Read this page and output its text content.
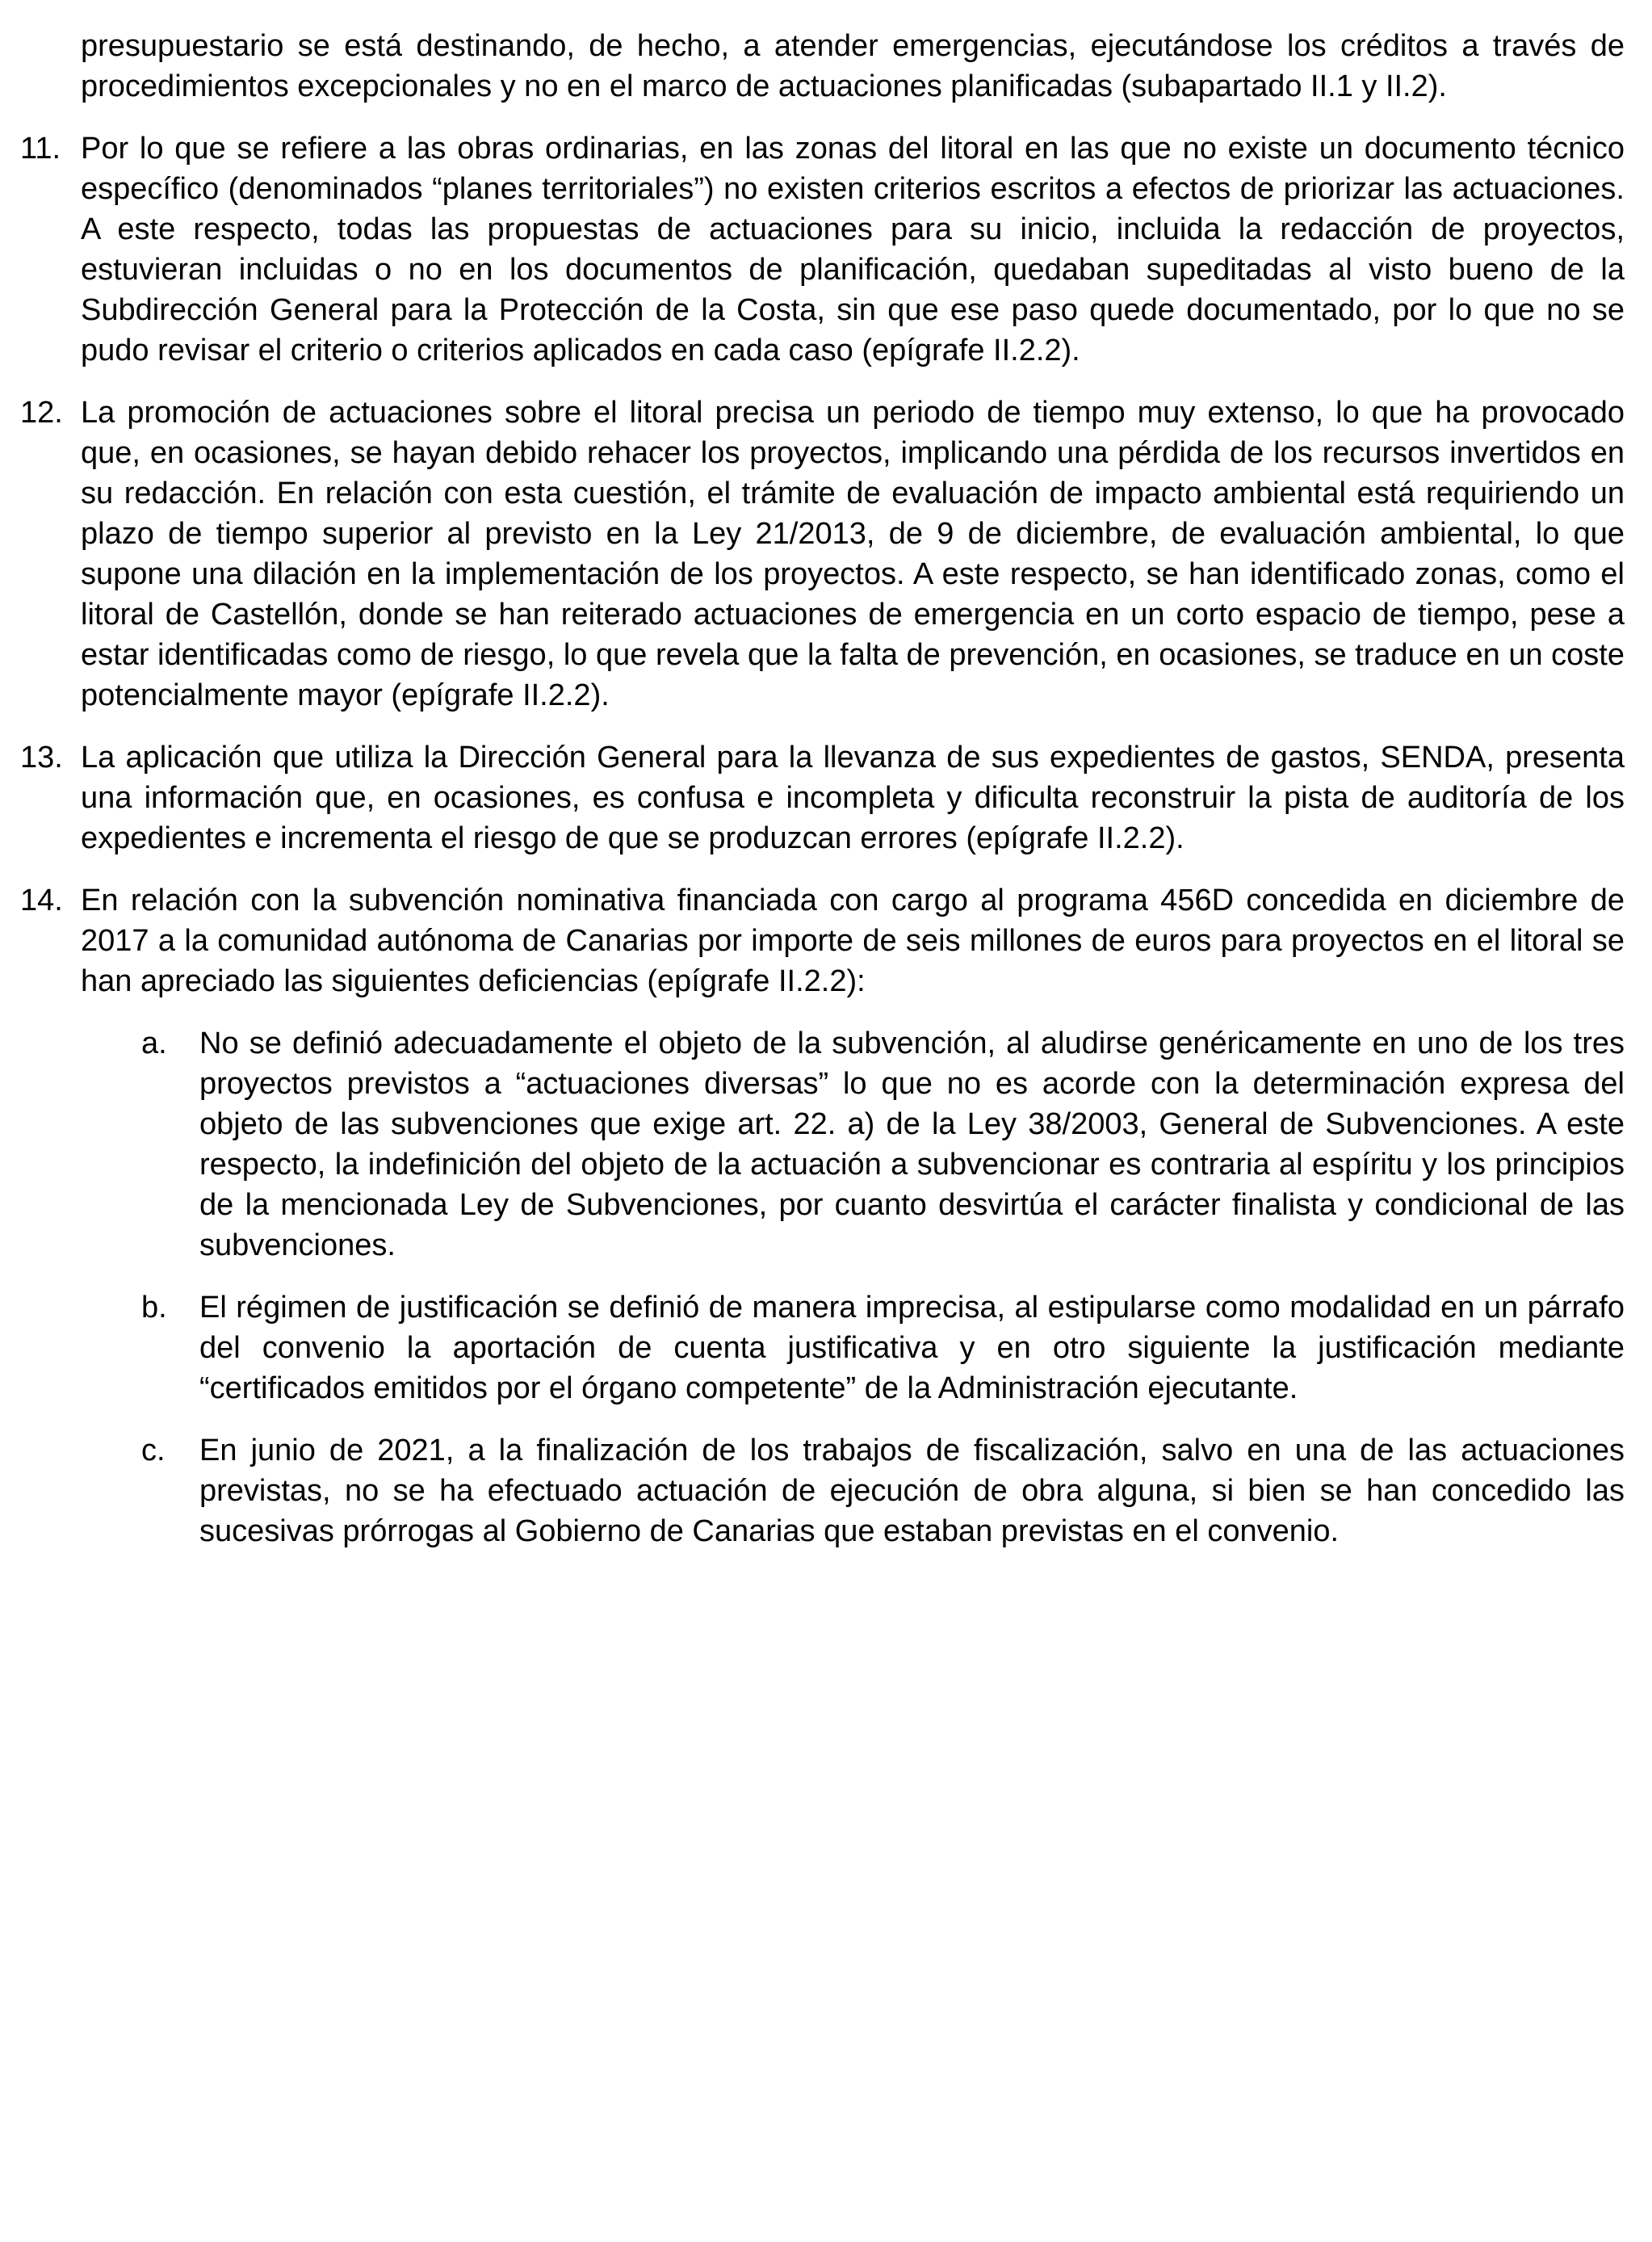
presupuestario se está destinando, de hecho, a atender emergencias, ejecutándose los créditos a través de procedimientos excepcionales y no en el marco de actuaciones planificadas (subapartado II.1 y II.2).

11. Por lo que se refiere a las obras ordinarias, en las zonas del litoral en las que no existe un documento técnico específico (denominados “planes territoriales”) no existen criterios escritos a efectos de priorizar las actuaciones. A este respecto, todas las propuestas de actuaciones para su inicio, incluida la redacción de proyectos, estuvieran incluidas o no en los documentos de planificación, quedaban supeditadas al visto bueno de la Subdirección General para la Protección de la Costa, sin que ese paso quede documentado, por lo que no se pudo revisar el criterio o criterios aplicados en cada caso (epígrafe II.2.2).

12. La promoción de actuaciones sobre el litoral precisa un periodo de tiempo muy extenso, lo que ha provocado que, en ocasiones, se hayan debido rehacer los proyectos, implicando una pérdida de los recursos invertidos en su redacción. En relación con esta cuestión, el trámite de evaluación de impacto ambiental está requiriendo un plazo de tiempo superior al previsto en la Ley 21/2013, de 9 de diciembre, de evaluación ambiental, lo que supone una dilación en la implementación de los proyectos. A este respecto, se han identificado zonas, como el litoral de Castellón, donde se han reiterado actuaciones de emergencia en un corto espacio de tiempo, pese a estar identificadas como de riesgo, lo que revela que la falta de prevención, en ocasiones, se traduce en un coste potencialmente mayor (epígrafe II.2.2).

13. La aplicación que utiliza la Dirección General para la llevanza de sus expedientes de gastos, SENDA, presenta una información que, en ocasiones, es confusa e incompleta y dificulta reconstruir la pista de auditoría de los expedientes e incrementa el riesgo de que se produzcan errores (epígrafe II.2.2).

14. En relación con la subvención nominativa financiada con cargo al programa 456D concedida en diciembre de 2017 a la comunidad autónoma de Canarias por importe de seis millones de euros para proyectos en el litoral se han apreciado las siguientes deficiencias (epígrafe II.2.2):

a.	No se definió adecuadamente el objeto de la subvención, al aludirse genéricamente en uno de los tres proyectos previstos a “actuaciones diversas” lo que no es acorde con la determinación expresa del objeto de las subvenciones que exige art. 22. a) de la Ley 38/2003, General de Subvenciones. A este respecto, la indefinición del objeto de la actuación a subvencionar es contraria al espíritu y los principios de la mencionada Ley de Subvenciones, por cuanto desvirtúa el carácter finalista y condicional de las subvenciones.

b.	El régimen de justificación se definió de manera imprecisa, al estipularse como modalidad en un párrafo del convenio la aportación de cuenta justificativa y en otro siguiente la justificación mediante “certificados emitidos por el órgano competente” de la Administración ejecutante.

c.	En junio de 2021, a la finalización de los trabajos de fiscalización, salvo en una de las actuaciones previstas, no se ha efectuado actuación de ejecución de obra alguna, si bien se han concedido las sucesivas prórrogas al Gobierno de Canarias que estaban previstas en el convenio.
